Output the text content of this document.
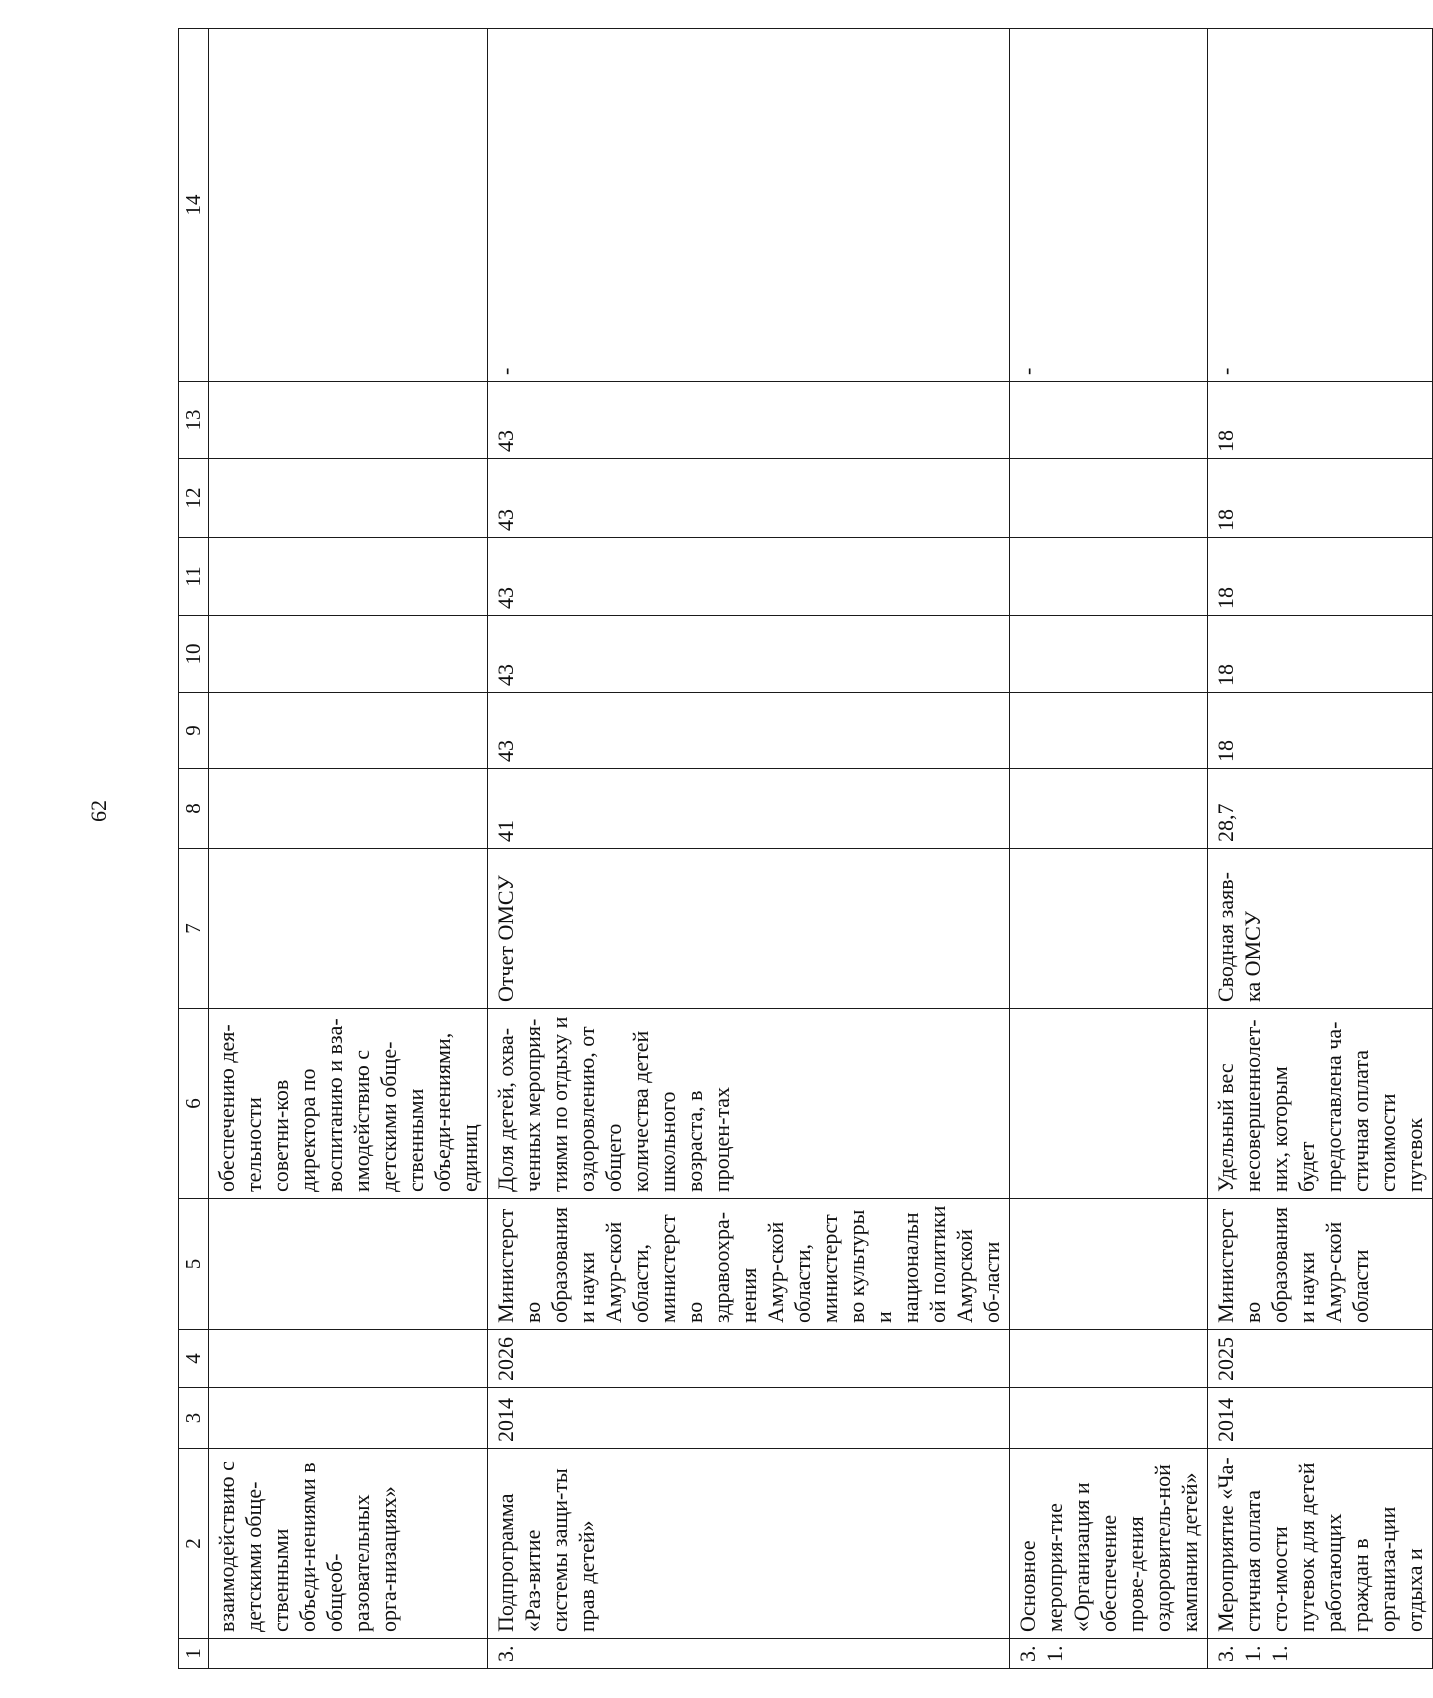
62
1	2	3	4	5	6	7	8	9	10	11	12	13	14
	взаимодействию с детскими обще-ственными объеди-нениями в общеоб-разовательных орга-низациях»				обеспечению дея-тельности советни-ков директора по воспитанию и вза-имодействию с детскими обще-ственными объеди-нениями, единиц								
3.	Подпрограмма «Раз-витие системы защи-ты прав детей»	2014	2026	Министерство образования и науки Амур-ской области, министерство здравоохра-нения Амур-ской области, министерство культуры и национальной политики Амурской об-ласти	Доля детей, охва-ченных мероприя-тиями по отдыху и оздоровлению, от общего количества детей школьного возраста, в процен-тах	Отчет ОМСУ	41	43	43	43	43	43	-
3.1.	Основное мероприя-тие «Организация и обеспечение прове-дения оздоровитель-ной кампании детей»												-
3.1.1.	Мероприятие «Ча-стичная оплата сто-имости путевок для детей работающих граждан в организа-ции отдыха и	2014	2025	Министерство образования и науки Амур-ской области	Удельный вес несовершеннолет-них, которым будет предоставлена ча-стичная оплата стоимости путевок	Сводная заяв-ка ОМСУ	28,7	18	18	18	18	18	-
